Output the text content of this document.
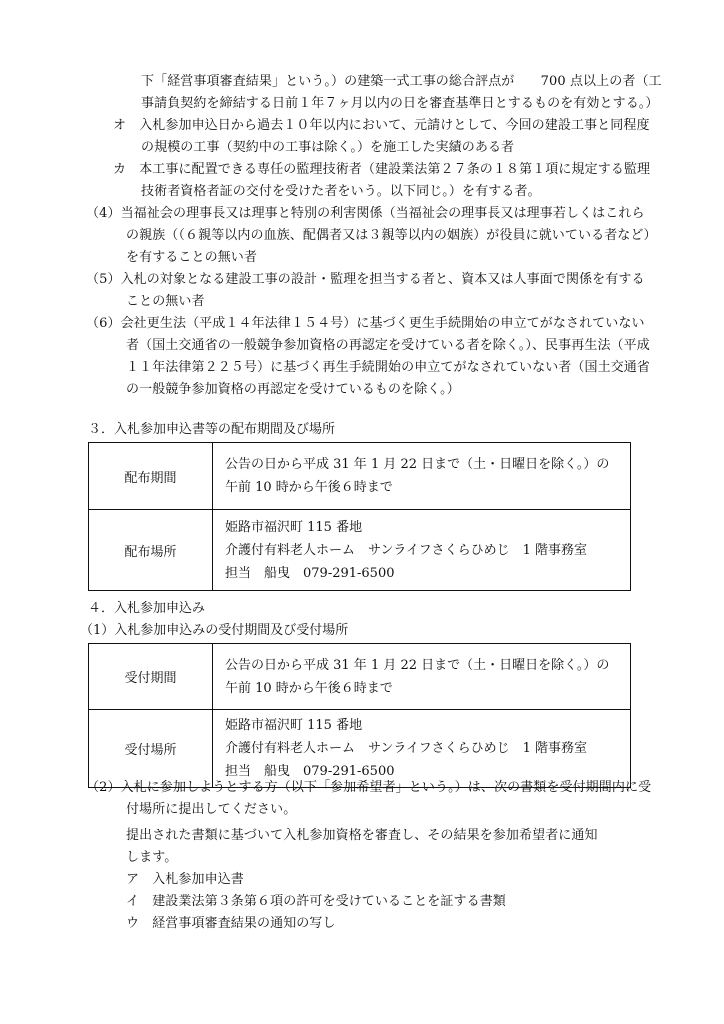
下「経営事項審査結果」という。）の建築一式工事の総合評点が　　700 点以上の者（工
事請負契約を締結する日前１年７ヶ月以内の日を審査基準日とするものを有効とする。）
オ　入札参加申込日から過去１０年以内において、元請けとして、今回の建設工事と同程度
の規模の工事（契約中の工事は除く。）を施工した実績のある者
カ　本工事に配置できる専任の監理技術者（建設業法第２７条の１８第１項に規定する監理
技術者資格者証の交付を受けた者をいう。以下同じ。）を有する者。
（4）当福祉会の理事長又は理事と特別の利害関係（当福祉会の理事長又は理事若しくはこれら
の親族（（６親等以内の血族、配偶者又は３親等以内の姻族）が役員に就いている者など）
を有することの無い者
（5）入札の対象となる建設工事の設計・監理を担当する者と、資本又は人事面で関係を有する
ことの無い者
（6）会社更生法（平成１４年法律１５４号）に基づく更生手続開始の申立てがなされていない
者（国土交通省の一般競争参加資格の再認定を受けている者を除く。）、民事再生法（平成
１１年法律第２２５号）に基づく再生手続開始の申立てがなされていない者（国土交通省
の一般競争参加資格の再認定を受けているものを除く。）
３．入札参加申込書等の配布期間及び場所
配布期間	公告の日から平成 31 年 1 月 22 日まで（土・日曜日を除く。）の
午前 10 時から午後６時まで

配布場所	姫路市福沢町 115 番地
介護付有料老人ホーム　サンライフさくらひめじ　1 階事務室
担当　船曳　079-291-6500
４．入札参加申込み
（1）入札参加申込みの受付期間及び受付場所
受付期間	公告の日から平成 31 年 1 月 22 日まで（土・日曜日を除く。）の
午前 10 時から午後６時まで

受付場所	姫路市福沢町 115 番地
介護付有料老人ホーム　サンライフさくらひめじ　1 階事務室
担当　船曳　079-291-6500
（2）入札に参加しようとする方（以下「参加希望者」という。）は、次の書類を受付期間内に受
付場所に提出してください。
提出された書類に基づいて入札参加資格を審査し、その結果を参加希望者に通知
します。
ア　入札参加申込書
イ　建設業法第３条第６項の許可を受けていることを証する書類
ウ　経営事項審査結果の通知の写し
